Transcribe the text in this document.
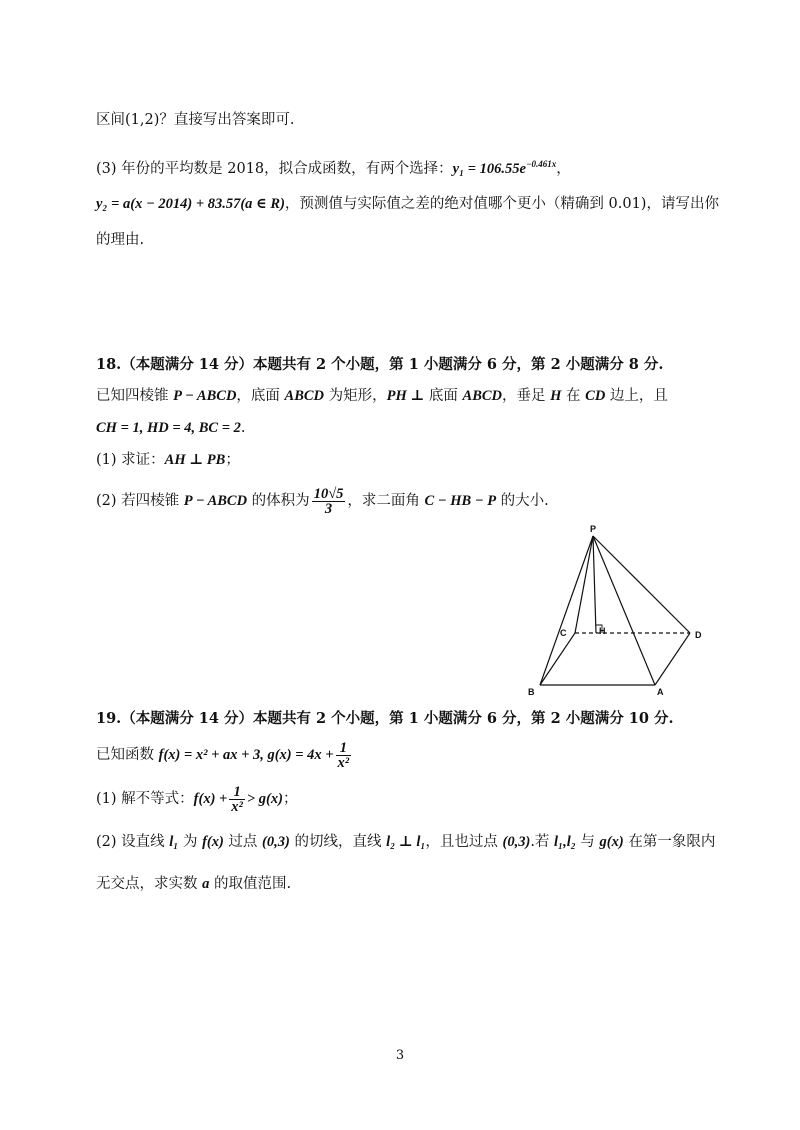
区间(1,2)？直接写出答案即可.
(3) 年份的平均数是 2018，拟合成函数，有两个选择：$y_1 = 106.55e^{-0.461x}$，
y₂ = a(x − 2014) + 83.57(a ∈ R)，预测值与实际值之差的绝对值哪个更小（精确到 0.01)，请写出你
的理由.
18.（本题满分 14 分）本题共有 2 个小题，第 1 小题满分 6 分，第 2 小题满分 8 分.
已知四棱锥 P − ABCD，底面 ABCD 为矩形，PH ⊥ 底面 ABCD，垂足 H 在 CD 边上，且
CH = 1, HD = 4, BC = 2.
(1) 求证：AH ⊥ PB；
(2) 若四棱锥 P − ABCD 的体积为 $\frac{10√5}{3}$ ，求二面角 C − HB − P 的大小.
P
C	H	D
B	A
19.（本题满分 14 分）本题共有 2 个小题，第 1 小题满分 6 分，第 2 小题满分 10 分.
已知函数 f(x) = x² + ax + 3, $g(x) = 4x + \frac{1}{\text{x²}}$
(1) 解不等式：$f(x) + \frac{1}{\text{x²}} > g(x)$；
(2) 设直线 l₁ 为 f(x) 过点 (0,3) 的切线，直线 l₂ ⊥ l₁，且也过点 (0,3).若 l₁,l₂ 与 g(x) 在第一象限内
无交点，求实数 a 的取值范围.
3
